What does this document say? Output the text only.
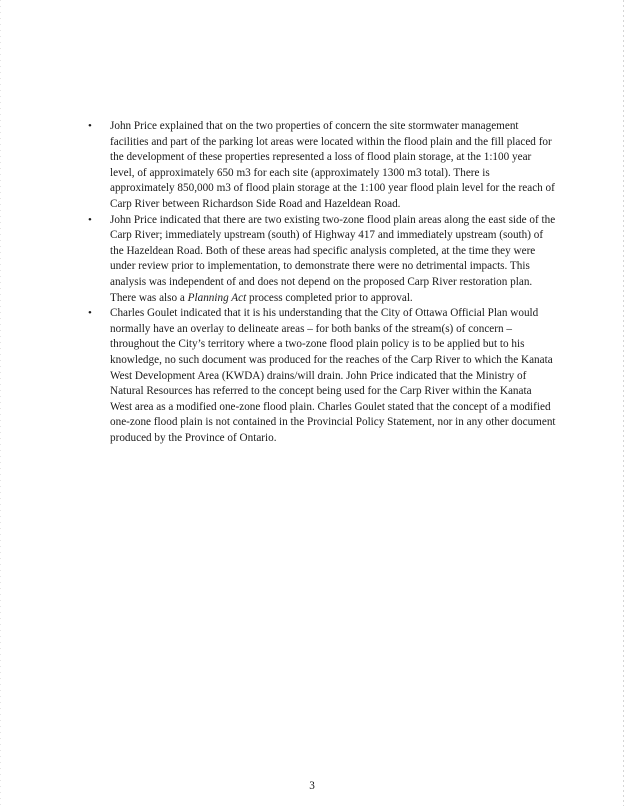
• John Price explained that on the two properties of concern the site stormwater management facilities and part of the parking lot areas were located within the flood plain and the fill placed for the development of these properties represented a loss of flood plain storage, at the 1:100 year level, of approximately 650 m3 for each site (approximately 1300 m3 total). There is approximately 850,000 m3 of flood plain storage at the 1:100 year flood plain level for the reach of Carp River between Richardson Side Road and Hazeldean Road.
• John Price indicated that there are two existing two-zone flood plain areas along the east side of the Carp River; immediately upstream (south) of Highway 417 and immediately upstream (south) of the Hazeldean Road. Both of these areas had specific analysis completed, at the time they were under review prior to implementation, to demonstrate there were no detrimental impacts. This analysis was independent of and does not depend on the proposed Carp River restoration plan. There was also a Planning Act process completed prior to approval.
• Charles Goulet indicated that it is his understanding that the City of Ottawa Official Plan would normally have an overlay to delineate areas – for both banks of the stream(s) of concern – throughout the City’s territory where a two-zone flood plain policy is to be applied but to his knowledge, no such document was produced for the reaches of the Carp River to which the Kanata West Development Area (KWDA) drains/will drain. John Price indicated that the Ministry of Natural Resources has referred to the concept being used for the Carp River within the Kanata West area as a modified one-zone flood plain. Charles Goulet stated that the concept of a modified one-zone flood plain is not contained in the Provincial Policy Statement, nor in any other document produced by the Province of Ontario.
3
